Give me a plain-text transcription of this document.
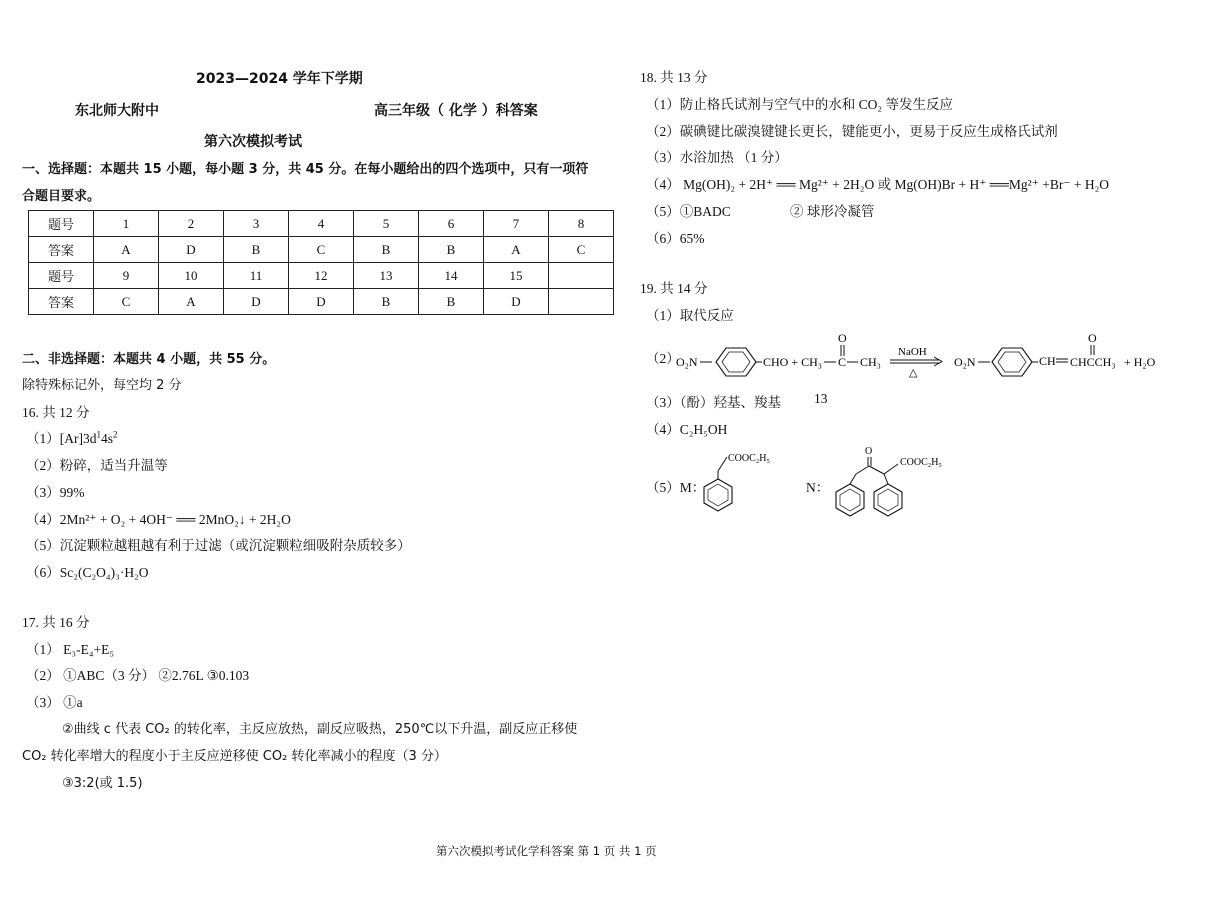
2023—2024 学年下学期
东北师大附中	高三年级（ 化学 ）科答案
第六次模拟考试
一、选择题：本题共 15 小题，每小题 3 分，共 45 分。在每小题给出的四个选项中，只有一项符
合题目要求。
题号	1	2	3	4	5	6	7	8
答案	A	D	B	C	B	B	A	C
题号	9	10	11	12	13	14	15	
答案	C	A	D	D	B	B	D	
二、非选择题：本题共 4 小题，共 55 分。
除特殊标记外，每空均 2 分
16. 共 12 分
$(1)[Ar]3d^14s^2$
（2）粉碎，适当升温等
（3）99%
（4）2Mn²⁺ + O₂ + 4OH⁻ ══ 2MnO₂↓ + 2H₂O
（5）沉淀颗粒越粗越有利于过滤（或沉淀颗粒细吸附杂质较多）
（6）Sc₂(C₂O₄)₃·H₂O
17. 共 16 分
（1） E₃-E₄+E₅
（2） ①ABC（3 分） ②2.76L ③0.103
（3） ①a
②曲线 c 代表 CO₂ 的转化率，主反应放热，副反应吸热，250℃以下升温，副反应正移使
CO₂ 转化率增大的程度小于主反应逆移使 CO₂ 转化率减小的程度（3 分）
③3:2(或 1.5)
18. 共 13 分
（1）防止格氏试剂与空气中的水和 CO₂ 等发生反应
（2）碳碘键比碳溴键键长更长，键能更小，更易于反应生成格氏试剂
（3）水浴加热 （1 分）
（4） Mg(OH)₂ + 2H⁺ ══ Mg²⁺ + 2H₂O 或 Mg(OH)Br + H⁺ ══Mg²⁺ +Br⁻ + H₂O
（5）①BADC	② 球形冷凝管
（6）65%
19. 共 14 分
（1）取代反应
（2）
O₂N	CHO + CH₃
O
C CH₃
NaOH
△
O₂N	CH CHCCH₃
O
+ H₂O
（3）（酚）羟基、羧基 13
（4）C₂H₅OH
（5）M：
COOC₂H₅
N：
O
COOC₂H₅
第六次模拟考试化学科答案 第 1 页 共 1 页
